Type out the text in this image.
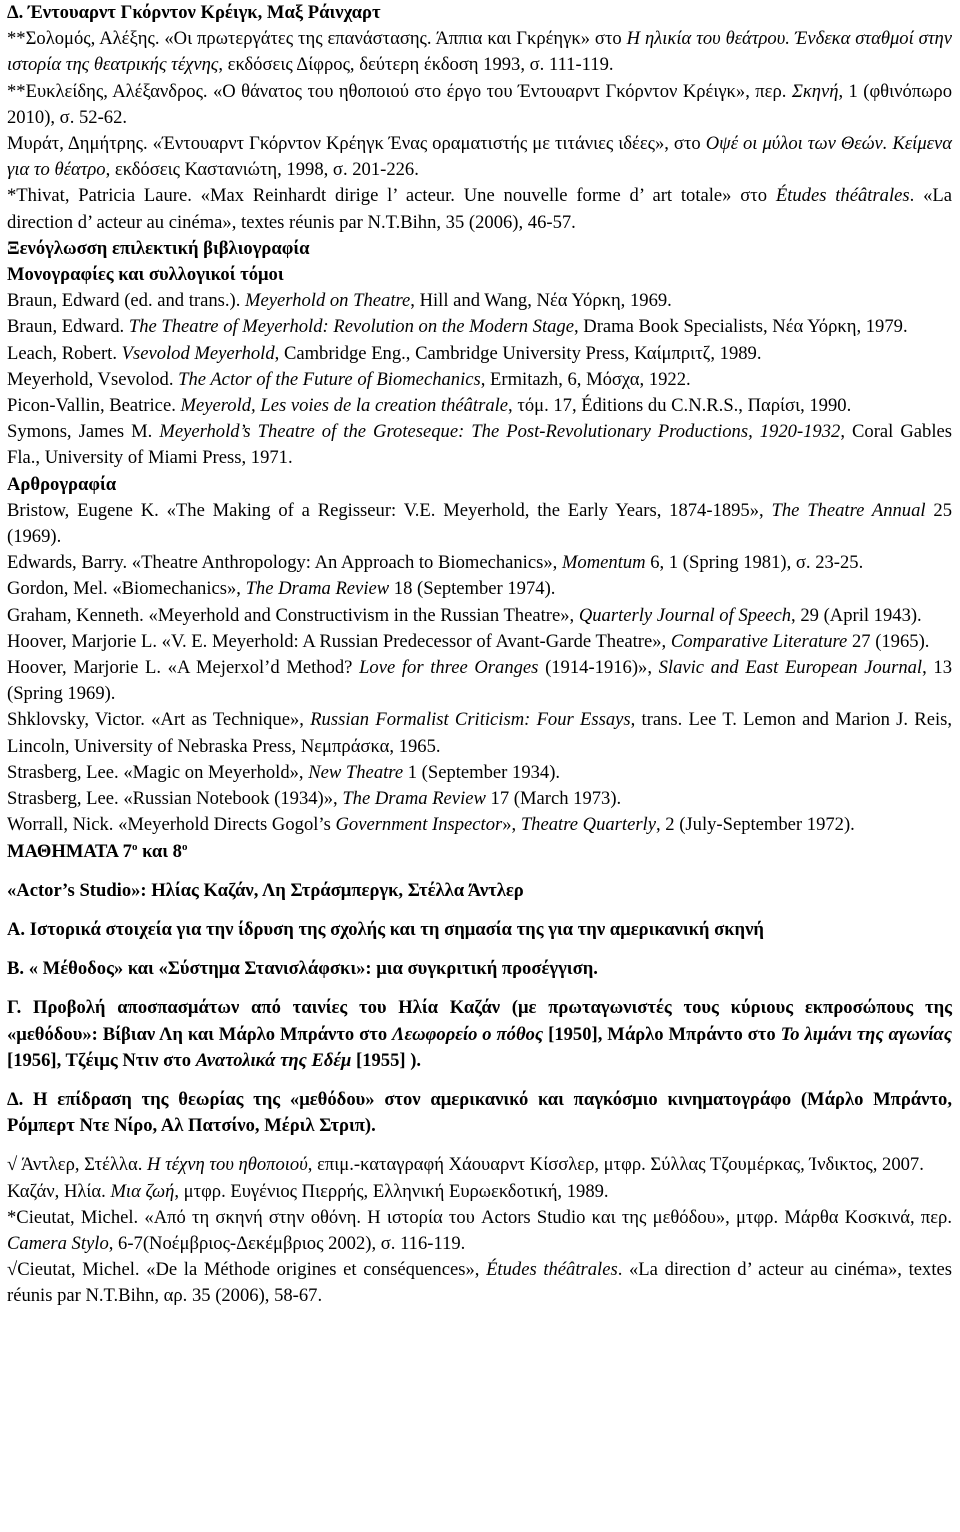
Δ. Έντουαρντ Γκόρντον Κρέιγκ, Μαξ Ράινχαρτ

**Σολομός, Αλέξης. «Οι πρωτεργάτες της επανάστασης. Άππια και Γκρέηγκ» στο Η ηλικία του θεάτρου. Ένδεκα σταθμοί στην ιστορία της θεατρικής τέχνης, εκδόσεις Δίφρος, δεύτερη έκδοση 1993, σ. 111-119.

**Ευκλείδης, Αλέξανδρος. «Ο θάνατος του ηθοποιού στο έργο του Έντουαρντ Γκόρντον Κρέιγκ», περ. Σκηνή, 1 (φθινόπωρο 2010), σ. 52-62.

Μυράτ, Δημήτρης. «Έντουαρντ Γκόρντον Κρέηγκ Ένας οραματιστής με τιτάνιες ιδέες», στο Οψέ οι μύλοι των Θεών. Κείμενα για το θέατρο, εκδόσεις Καστανιώτη, 1998, σ. 201-226.

*Thivat, Patricia Laure. «Max Reinhardt dirige l’ acteur. Une nouvelle forme d’ art totale» στο Études théâtrales. «La direction d’ acteur au cinéma», textes réunis par N.T.Bihn, 35 (2006), 46-57.

Ξενόγλωσση επιλεκτική βιβλιογραφία

Μονογραφίες και συλλογικοί τόμοι

Braun, Edward (ed. and trans.). Meyerhold on Theatre, Hill and Wang, Νέα Υόρκη, 1969.

Braun, Edward. The Theatre of Meyerhold: Revolution on the Modern Stage, Drama Book Specialists, Νέα Υόρκη, 1979.

Leach, Robert. Vsevolod Meyerhold, Cambridge Eng., Cambridge University Press, Καίμπριτζ, 1989.

Meyerhold, Vsevolod. The Actor of the Future of Biomechanics, Ermitazh, 6, Μόσχα, 1922.

Picon-Vallin, Beatrice. Meyerold, Les voies de la creation théâtrale, τόμ. 17, Éditions du C.N.R.S., Παρίσι, 1990.

Symons, James M. Meyerhold’s Theatre of the Groteseque: The Post-Revolutionary Productions, 1920-1932, Coral Gables Fla., University of Miami Press, 1971.

Αρθρογραφία

Bristow, Eugene K. «The Making of a Regisseur: V.E. Meyerhold, the Early Years, 1874-1895», The Theatre Annual 25 (1969).

Edwards, Barry. «Theatre Anthropology: An Approach to Biomechanics», Momentum 6, 1 (Spring 1981), σ. 23-25.

Gordon, Mel. «Biomechanics», The Drama Review 18 (September 1974).

Graham, Kenneth. «Meyerhold and Constructivism in the Russian Theatre», Quarterly Journal of Speech, 29 (April 1943).

Hoover, Marjorie L. «V. E. Meyerhold: A Russian Predecessor of Avant-Garde Theatre», Comparative Literature 27 (1965).

Hoover, Marjorie L. «A Mejerxol’d Method? Love for three Oranges (1914-1916)», Slavic and East European Journal, 13 (Spring 1969).

Shklovsky, Victor. «Art as Technique», Russian Formalist Criticism: Four Essays, trans. Lee T. Lemon and Marion J. Reis, Lincoln, University of Nebraska Press, Νεμπράσκα, 1965.

Strasberg, Lee. «Magic on Meyerhold», New Theatre 1 (September 1934).

Strasberg, Lee. «Russian Notebook (1934)», The Drama Review 17 (March 1973).

Worrall, Nick. «Meyerhold Directs Gogol’s Government Inspector», Theatre Quarterly, 2 (July-September 1972).

ΜΑΘΗΜΑΤΑ $7^o$ και $8^o$

«Actor’s Studio»: Ηλίας Καζάν, Λη Στράσμπεργκ, Στέλλα Άντλερ

Α. Ιστορικά στοιχεία για την ίδρυση της σχολής και τη σημασία της για την αμερικανική σκηνή

Β. « Μέθοδος» και «Σύστημα Στανισλάφσκι»: μια συγκριτική προσέγγιση.

Γ. Προβολή αποσπασμάτων από ταινίες του Ηλία Καζάν (με πρωταγωνιστές τους κύριους εκπροσώπους της «μεθόδου»: Βίβιαν Λη και Μάρλο Μπράντο στο Λεωφορείο ο πόθος [1950], Μάρλο Μπράντο στο Το λιμάνι της αγωνίας [1956], Τζέιμς Ντιν στο Ανατολικά της Εδέμ [1955] ).

Δ. Η επίδραση της θεωρίας της «μεθόδου» στον αμερικανικό και παγκόσμιο κινηματογράφο (Μάρλο Μπράντο, Ρόμπερτ Ντε Νίρο, Αλ Πατσίνο, Μέριλ Στριπ).

√ Άντλερ, Στέλλα. Η τέχνη του ηθοποιού, επιμ.-καταγραφή Χάουαρντ Κίσσλερ, μτφρ. Σύλλας Τζουμέρκας, Ίνδικτος, 2007.

Καζάν, Ηλία. Μια ζωή, μτφρ. Ευγένιος Πιερρής, Ελληνική Ευρωεκδοτική, 1989.

*Cieutat, Michel. «Από τη σκηνή στην οθόνη. Η ιστορία του Actors Studio και της μεθόδου», μτφρ. Μάρθα Κοσκινά, περ. Camera Stylo, 6-7(Νοέμβριος-Δεκέμβριος 2002), σ. 116-119.

√Cieutat, Michel. «De la Méthode origines et conséquences», Études théâtrales. «La direction d’ acteur au cinéma», textes réunis par N.T.Bihn, αρ. 35 (2006), 58-67.
